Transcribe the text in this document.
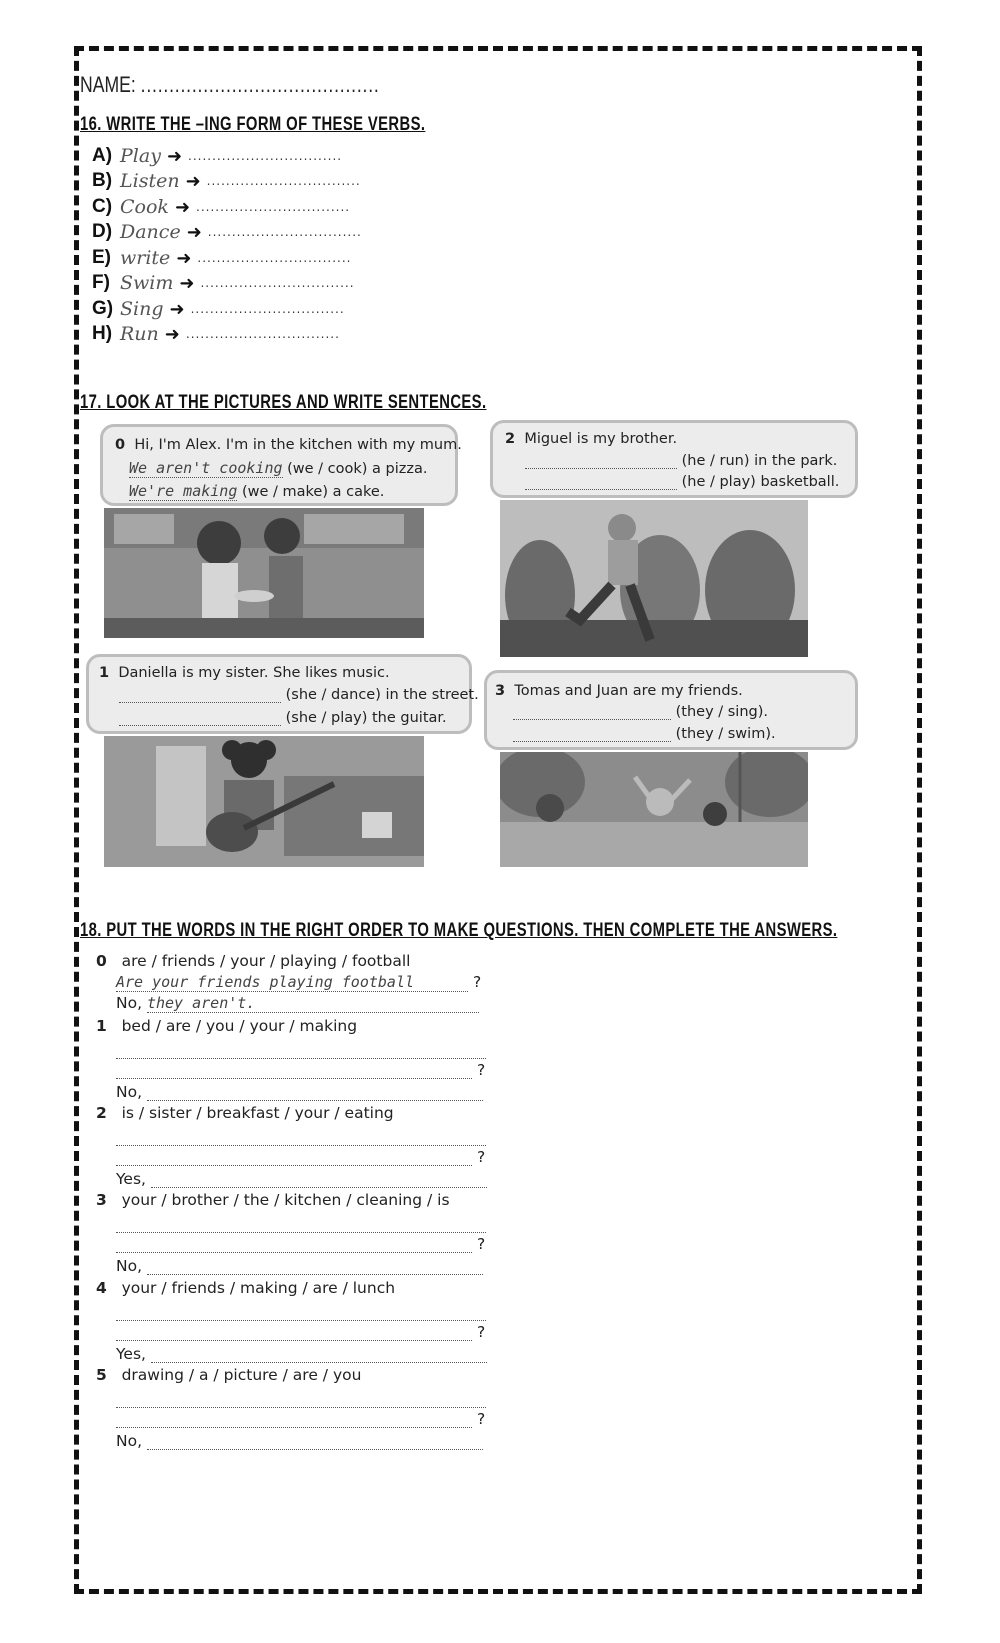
NAME: ..........................................
16. WRITE THE –ING FORM OF THESE VERBS.
A) Play ➜ ................................
B) Listen ➜ ................................
C) Cook ➜ ................................
D) Dance ➜ ................................
E) write ➜ ................................
F) Swim ➜ ................................
G) Sing ➜ ................................
H) Run ➜ ................................
17. LOOK AT THE PICTURES AND WRITE SENTENCES.
0 Hi, I'm Alex. I'm in the kitchen with my mum.
We aren't cooking (we / cook) a pizza.
We're making (we / make) a cake.
2 Miguel is my brother.
(he / run) in the park.
(he / play) basketball.
1 Daniella is my sister. She likes music.
(she / dance) in the street.
(she / play) the guitar.
3 Tomas and Juan are my friends.
(they / sing).
(they / swim).
18. PUT THE WORDS IN THE RIGHT ORDER TO MAKE QUESTIONS. THEN COMPLETE THE ANSWERS.
0 are / friends / your / playing / football
Are your friends playing football	?
No, they aren't.
1 bed / are / you / your / making
?
No,
2 is / sister / breakfast / your / eating
?
Yes,
3 your / brother / the / kitchen / cleaning / is
?
No,
4 your / friends / making / are / lunch
?
Yes,
5 drawing / a / picture / are / you
?
No,
